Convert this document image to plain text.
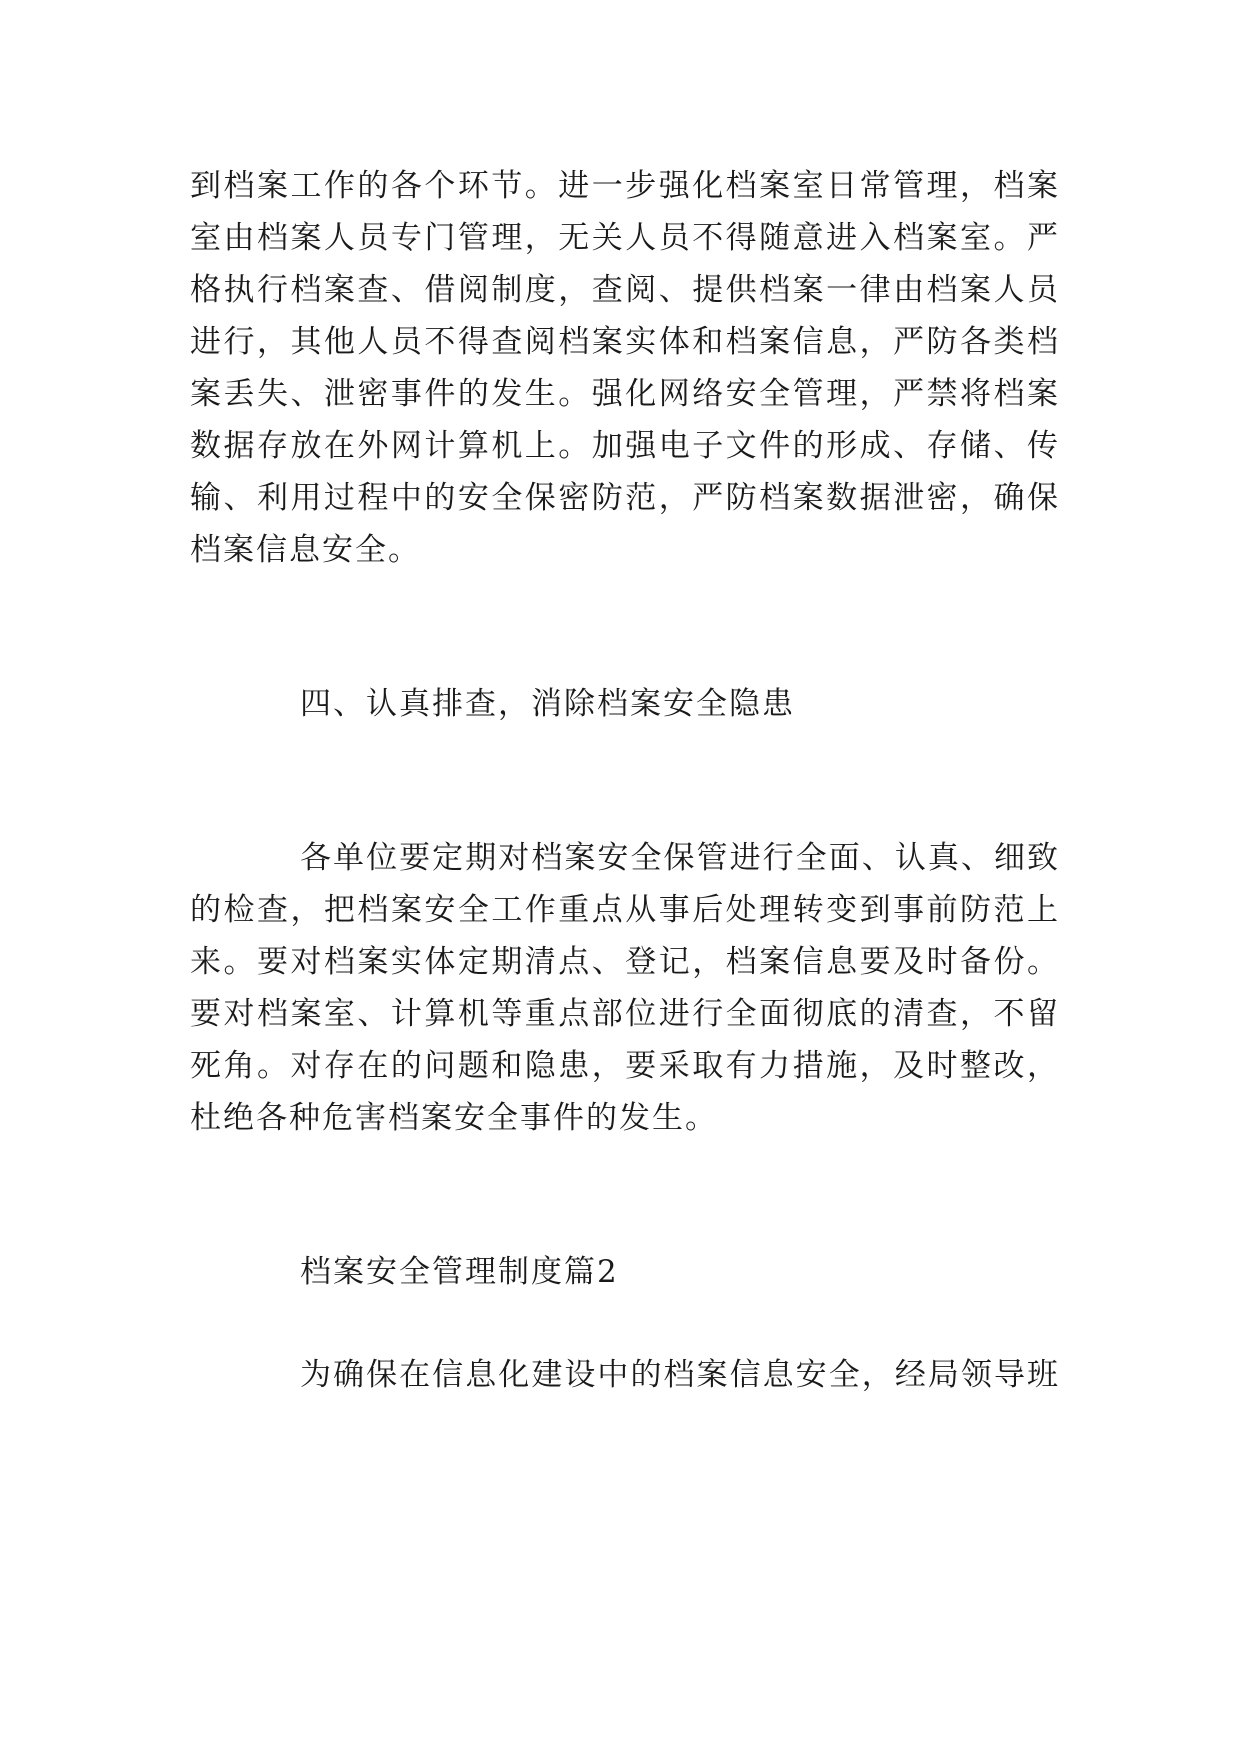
到档案工作的各个环节。进一步强化档案室日常管理，档案
室由档案人员专门管理，无关人员不得随意进入档案室。严
格执行档案查、借阅制度，查阅、提供档案一律由档案人员
进行，其他人员不得查阅档案实体和档案信息，严防各类档
案丢失、泄密事件的发生。强化网络安全管理，严禁将档案
数据存放在外网计算机上。加强电子文件的形成、存储、传
输、利用过程中的安全保密防范，严防档案数据泄密，确保
档案信息安全。
四、认真排查，消除档案安全隐患
各单位要定期对档案安全保管进行全面、认真、细致
的检查，把档案安全工作重点从事后处理转变到事前防范上
来。要对档案实体定期清点、登记，档案信息要及时备份。
要对档案室、计算机等重点部位进行全面彻底的清查，不留
死角。对存在的问题和隐患，要采取有力措施，及时整改，
杜绝各种危害档案安全事件的发生。
档案安全管理制度篇2
为确保在信息化建设中的档案信息安全，经局领导班
